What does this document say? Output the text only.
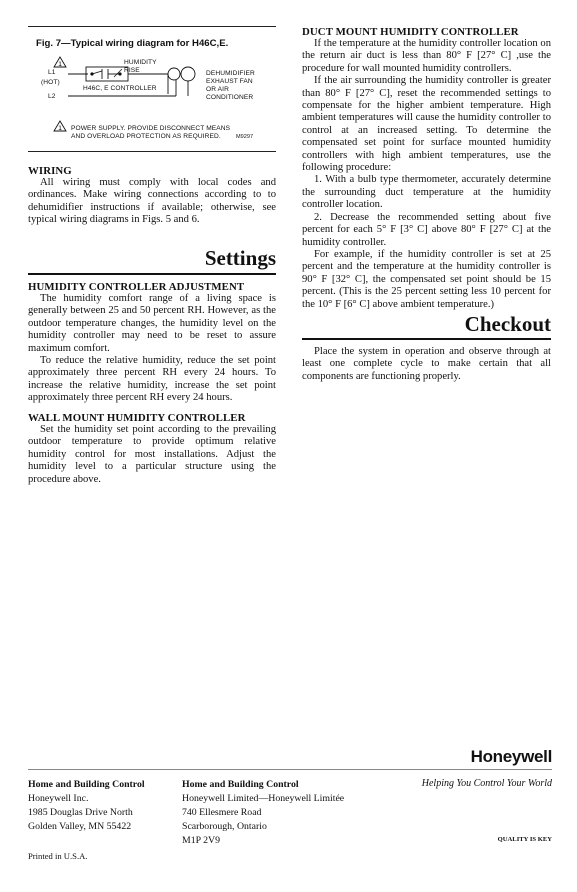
Fig. 7—Typical wiring diagram for H46C,E.
1
1
L1
(HOT)
L2
HUMIDITY
RISE
H46C, E CONTROLLER
DEHUMIDIFIER
EXHAUST FAN
OR AIR
CONDITIONER
POWER SUPPLY. PROVIDE DISCONNECT MEANS
AND OVERLOAD PROTECTION AS REQUIRED.	M9297
WIRING

All wiring must comply with local codes and ordinances. Make wiring connections according to to dehumidifier instructions if available; otherwise, see typical wiring diagrams in Figs. 5 and 6.

Settings
HUMIDITY CONTROLLER ADJUSTMENT

The humidity comfort range of a living space is generally between 25 and 50 percent RH. However, as the outdoor temperature changes, the humidity level on the humidity controller may need to be reset to assure maximum comfort.

To reduce the relative humidity, reduce the set point approximately three percent RH every 24 hours. To increase the relative humidity, increase the set point approximately three percent RH every 24 hours.

WALL MOUNT HUMIDITY CONTROLLER

Set the humidity set point according to the prevailing outdoor temperature to provide optimum relative humidity control for most installations. Adjust the humidity level to a particular structure using the procedure above.

DUCT MOUNT HUMIDITY CONTROLLER

If the temperature at the humidity controller location on the return air duct is less than 80° F [27° C] ,use the procedure for wall mounted humidity controllers.

If the air surrounding the humidity controller is greater than 80° F [27° C], reset the recommended settings to compensate for the higher ambient temperature. High ambient temperatures will cause the humidity controller to control at an increased setting. To determine the compensated set point for surface mounted humidity controllers with high ambient temperatures, use the following procedure:

1. With a bulb type thermometer, accurately determine the surrounding duct temperature at the humidity controller location.

2. Decrease the recommended setting about five percent for each 5° F [3° C] above 80° F [27° C] at the humidity controller.

For example, if the humidity controller is set at 25 percent and the temperature at the humidity controller is 90° F [32° C], the compensated set point should be 15 percent. (This is the 25 percent setting less 10 percent for the 10° F [6° C] above ambient temperature.)

Checkout

Place the system in operation and observe through at least one complete cycle to make certain that all components are functioning properly.

Honeywell
Home and Building Control
Honeywell Inc.
1985 Douglas Drive North
Golden Valley, MN 55422
Home and Building Control
Honeywell Limited—Honeywell Limitée
740 Ellesmere Road
Scarborough, Ontario
M1P 2V9
Helping You Control Your World
QUALITY IS KEY
Printed in U.S.A.
